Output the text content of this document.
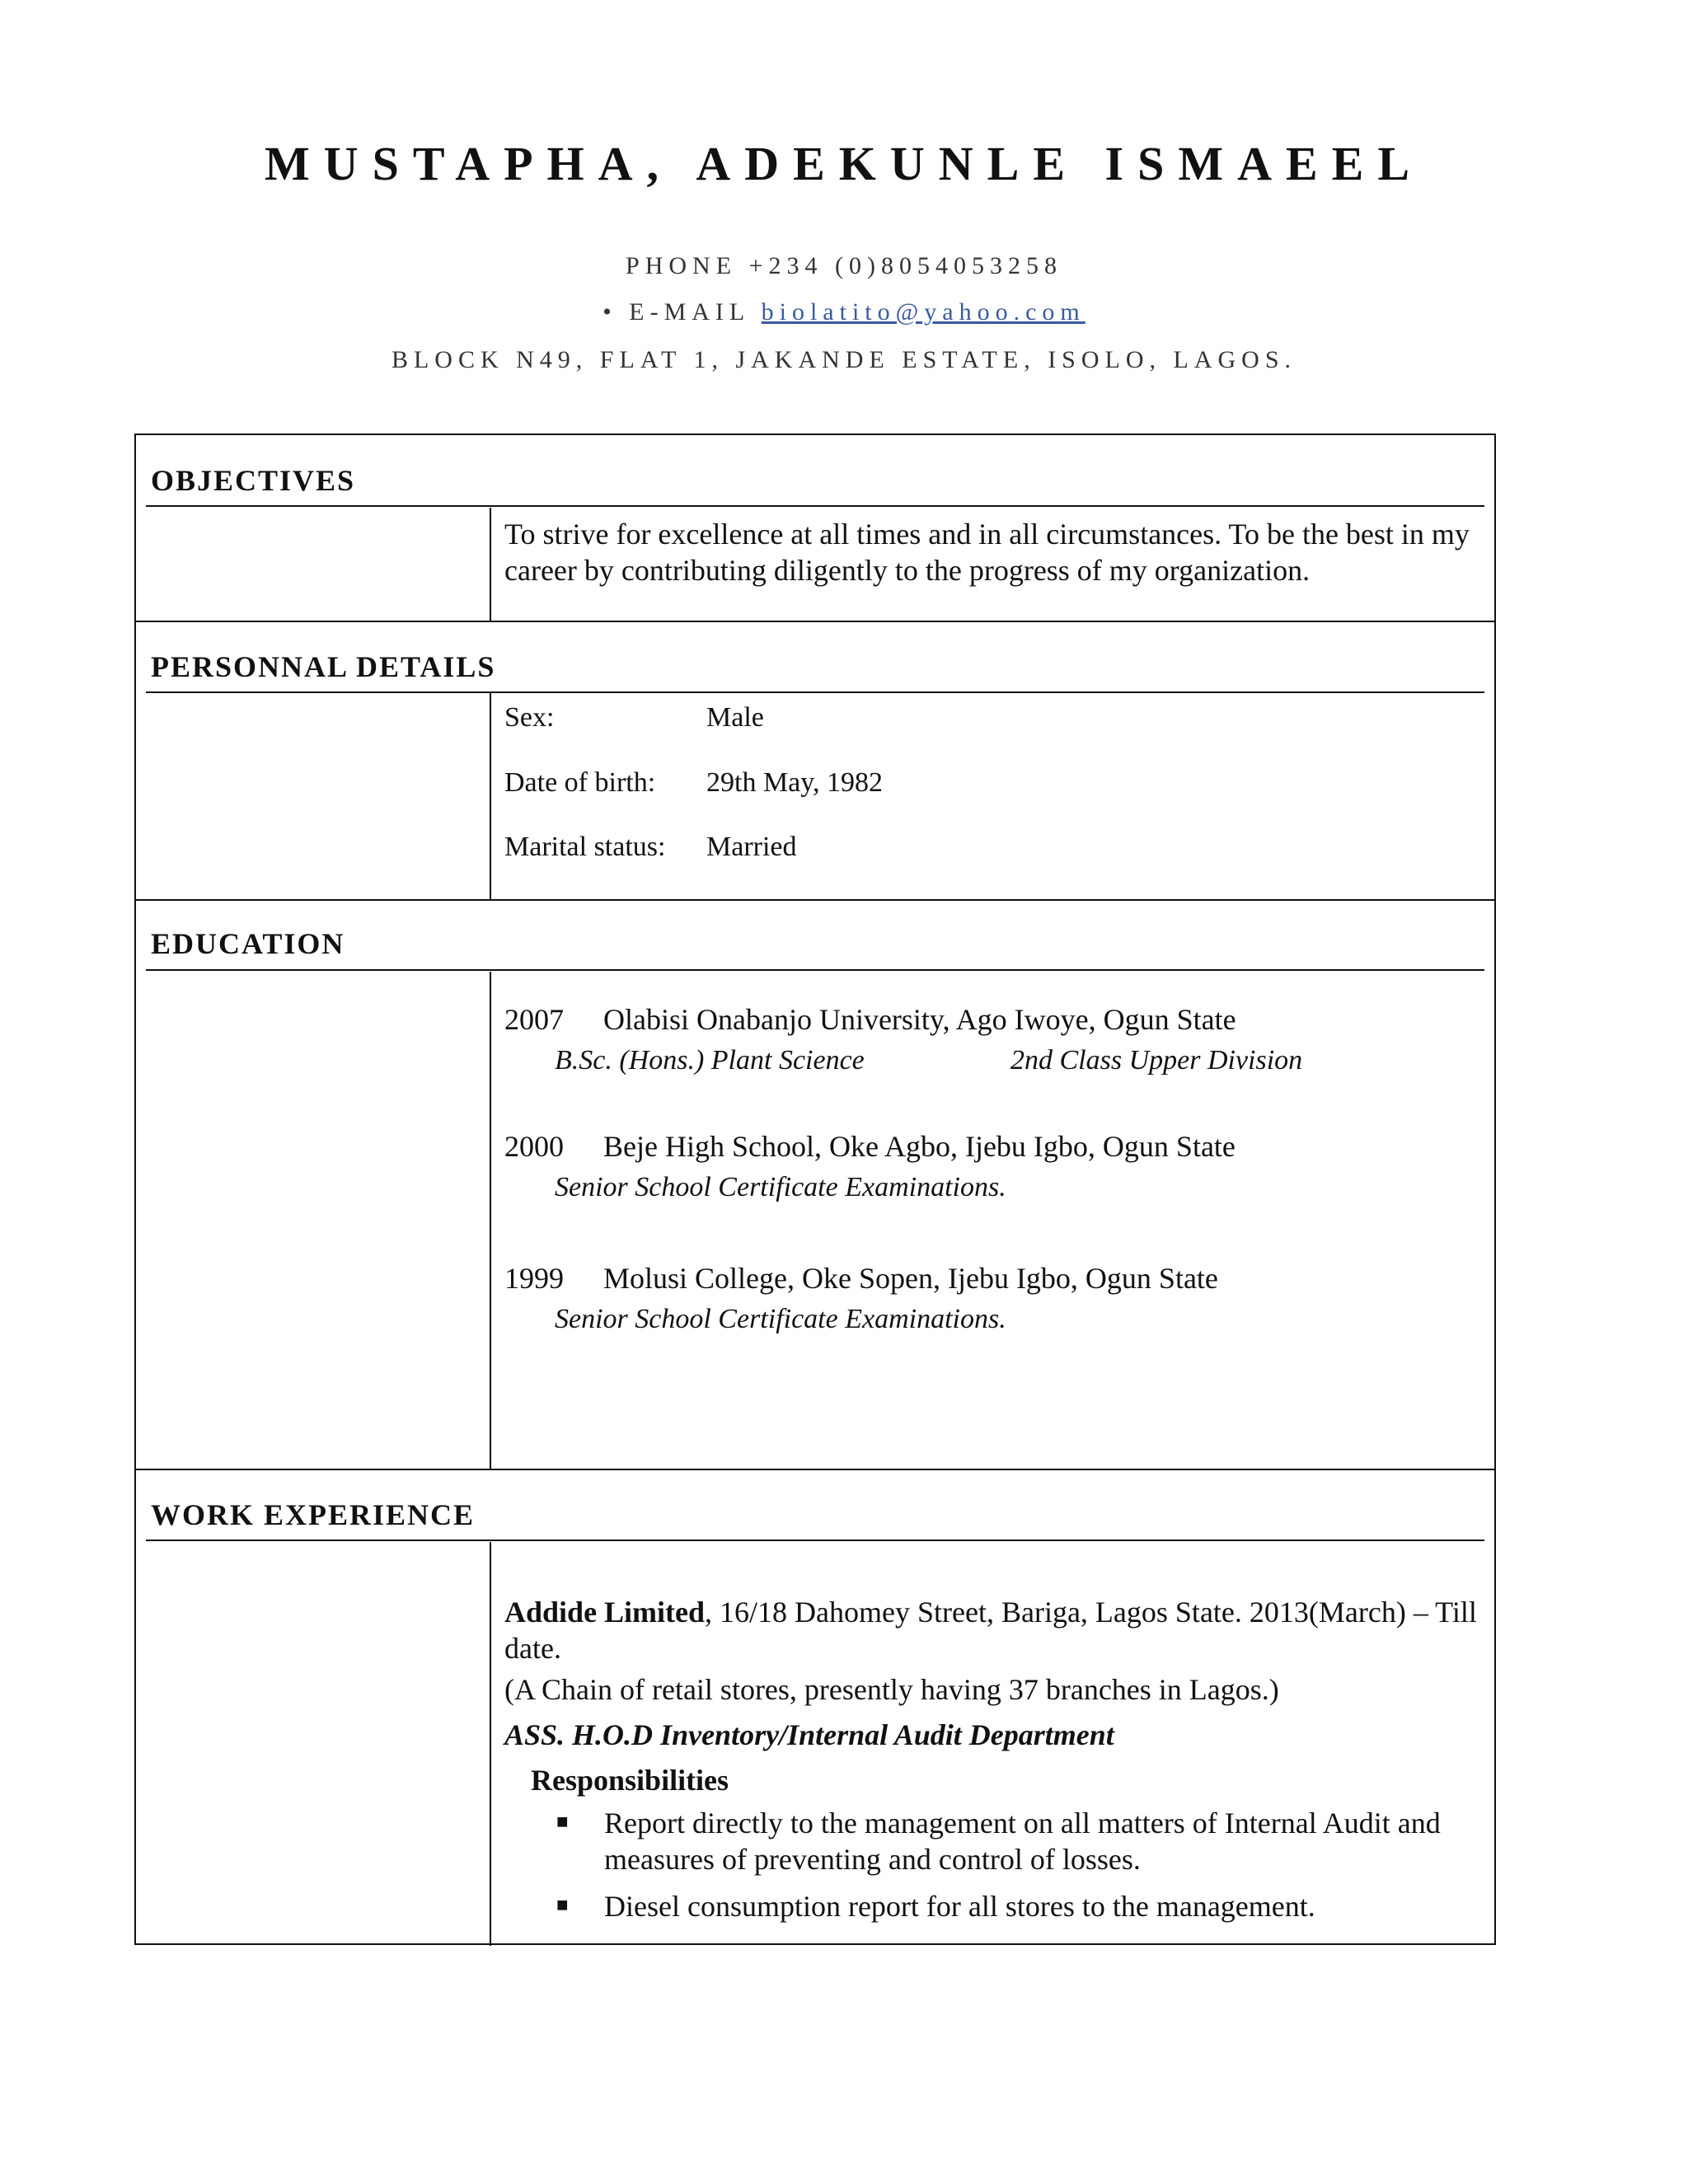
MUSTAPHA, ADEKUNLE ISMAEEL
PHONE +234 (0)8054053258
• E-MAIL biolatito@yahoo.com
BLOCK N49, FLAT 1, JAKANDE ESTATE, ISOLO, LAGOS.
OBJECTIVES
To strive for excellence at all times and in all circumstances. To be the best in my career by contributing diligently to the progress of my organization.
PERSONNAL DETAILS
Sex:	Male
Date of birth: 29th May, 1982
Marital status: Married
EDUCATION
2007 Olabisi Onabanjo University, Ago Iwoye, Ogun State
B.Sc. (Hons.) Plant Science	2nd Class Upper Division
2000 Beje High School, Oke Agbo, Ijebu Igbo, Ogun State
Senior School Certificate Examinations.
1999 Molusi College, Oke Sopen, Ijebu Igbo, Ogun State
Senior School Certificate Examinations.
WORK EXPERIENCE
Addide Limited, 16/18 Dahomey Street, Bariga, Lagos State. 2013(March) – Till date.
(A Chain of retail stores, presently having 37 branches in Lagos.)
ASS. H.O.D Inventory/Internal Audit Department
Responsibilities
■ Report directly to the management on all matters of Internal Audit and measures of preventing and control of losses.
■ Diesel consumption report for all stores to the management.
